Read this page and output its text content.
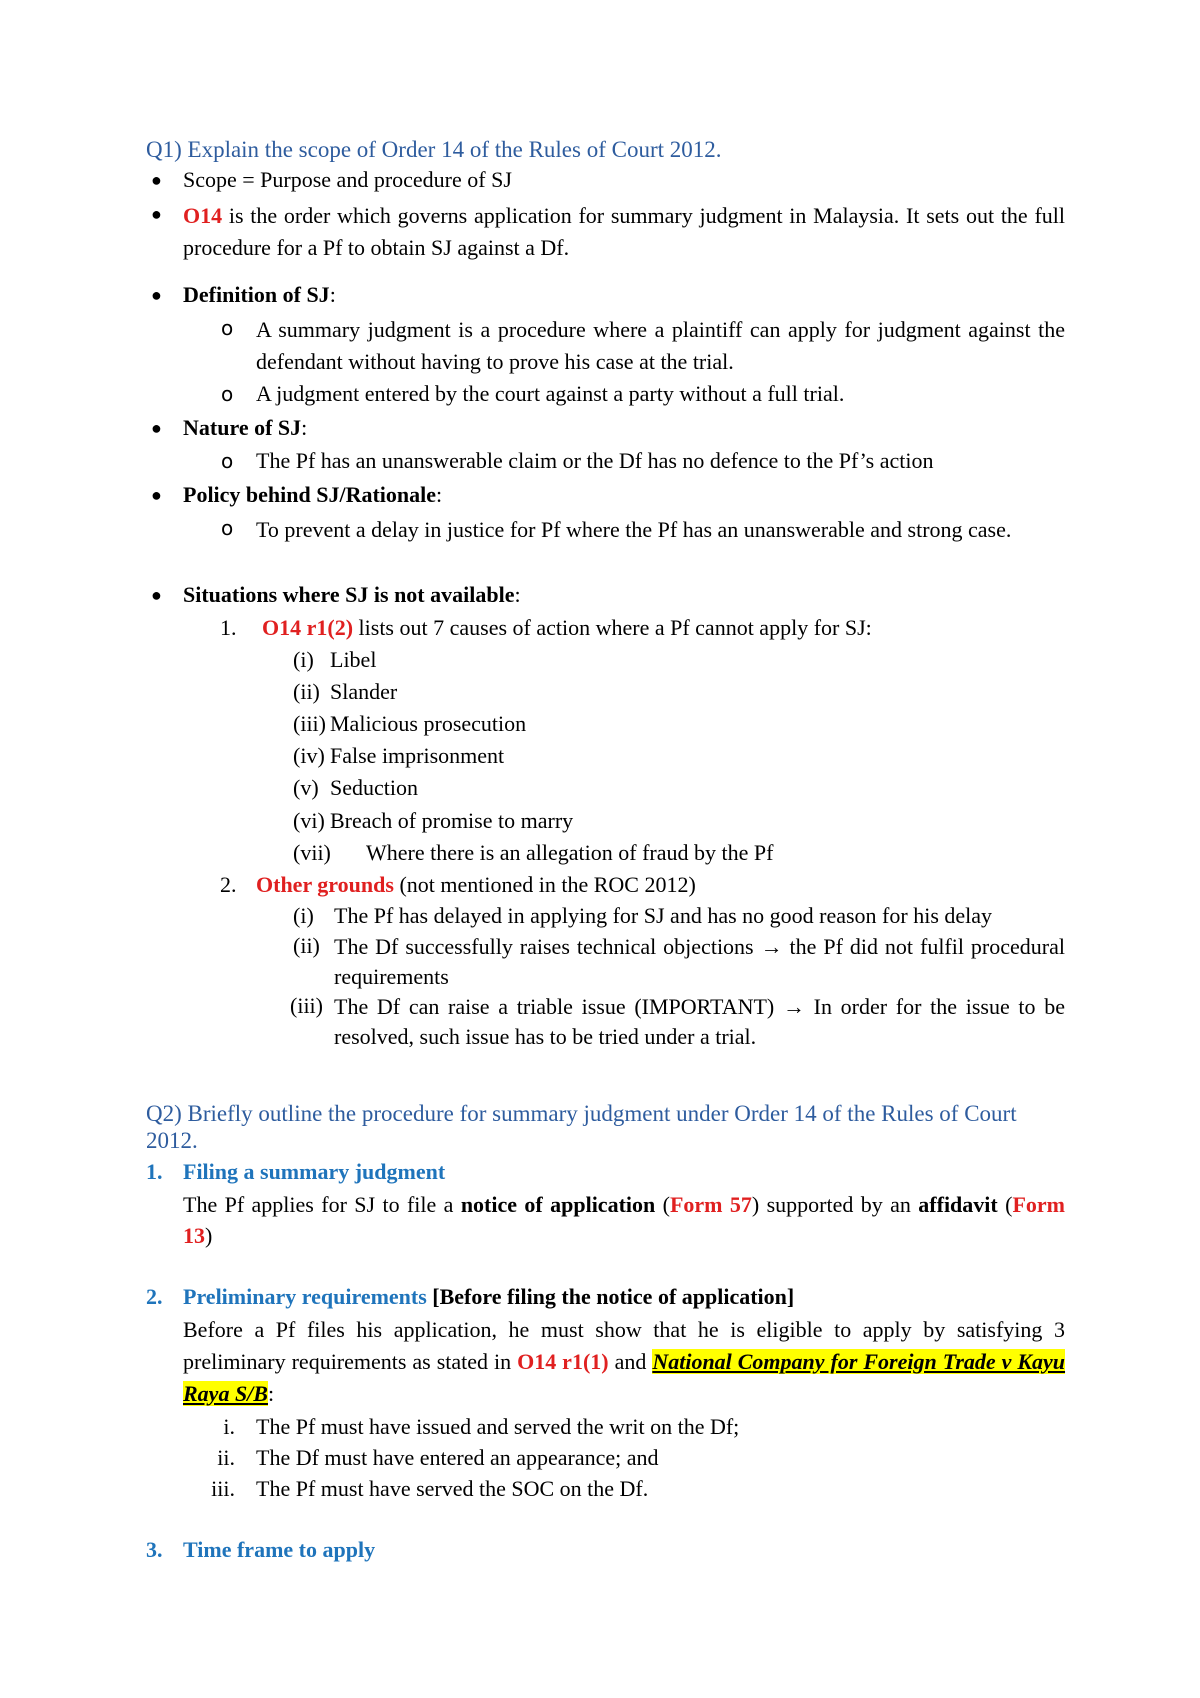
Q1) Explain the scope of Order 14 of the Rules of Court 2012.
● Scope = Purpose and procedure of SJ
● O14 is the order which governs application for summary judgment in Malaysia. It sets out the full procedure for a Pf to obtain SJ against a Df.
● Definition of SJ:
o A summary judgment is a procedure where a plaintiff can apply for judgment against the defendant without having to prove his case at the trial.
o A judgment entered by the court against a party without a full trial.
● Nature of SJ:
o The Pf has an unanswerable claim or the Df has no defence to the Pf’s action
● Policy behind SJ/Rationale:
o To prevent a delay in justice for Pf where the Pf has an unanswerable and strong case.
● Situations where SJ is not available:
1. O14 r1(2) lists out 7 causes of action where a Pf cannot apply for SJ:
(i) Libel
(ii) Slander
(iii) Malicious prosecution
(iv) False imprisonment
(v) Seduction
(vi) Breach of promise to marry
(vii) Where there is an allegation of fraud by the Pf
2. Other grounds (not mentioned in the ROC 2012)
(i) The Pf has delayed in applying for SJ and has no good reason for his delay
(ii) The Df successfully raises technical objections → the Pf did not fulfil procedural requirements
(iii) The Df can raise a triable issue (IMPORTANT) → In order for the issue to be resolved, such issue has to be tried under a trial.
Q2) Briefly outline the procedure for summary judgment under Order 14 of the Rules of Court 2012.
1. Filing a summary judgment
The Pf applies for SJ to file a notice of application (Form 57) supported by an affidavit (Form 13)
2. Preliminary requirements [Before filing the notice of application]
Before a Pf files his application, he must show that he is eligible to apply by satisfying 3 preliminary requirements as stated in O14 r1(1) and National Company for Foreign Trade v Kayu Raya S/B:
i. The Pf must have issued and served the writ on the Df;
ii. The Df must have entered an appearance; and
iii. The Pf must have served the SOC on the Df.
3. Time frame to apply
